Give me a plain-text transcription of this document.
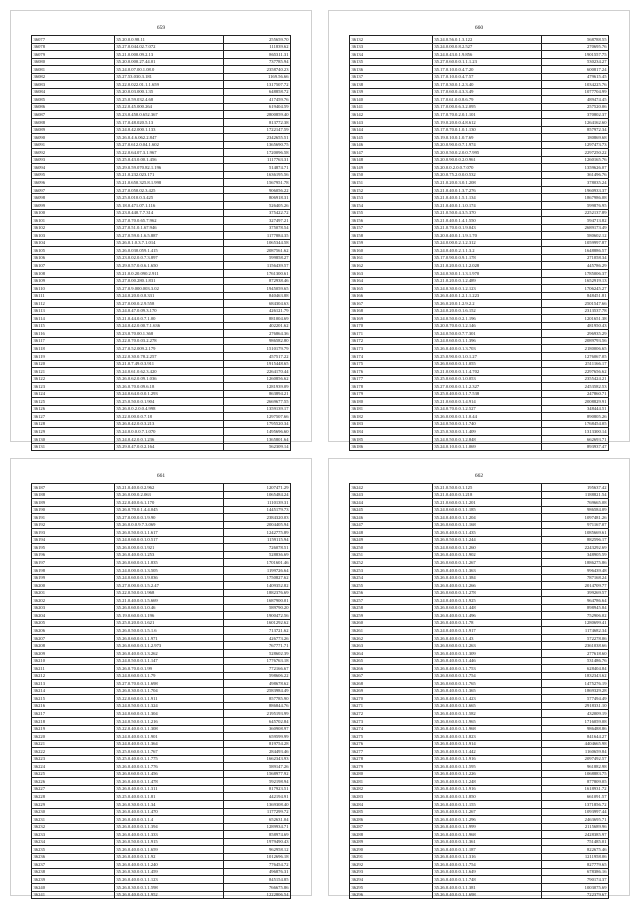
659
36077	35.20.0.0.98.11	255659.70
36078	35.27.0.044.02.7.072	111839.62
36079	35.21.0.000.09.2.13	865311.31
36080	35.20.0.000.27.44.01	737785.94
36081	35.24.0.07.00.1.08.0	2358740.23
36082	35.27.53.030.3.181	1169.56.66
36083	35.22.0.022.01.1.1.659	1317507.72
36084	35.20.0.03.000.1.35	648858.72
36085	35.25.0.59.032.4.68	417459.76
36086	35.22.0.45.000.264	619404.59
36087	35.23.0.450.0.652.367	2800859.40
36088	35.17.0.48.020.5.13	813772.38
36089	35.24.0.42.000.1.133	1722147.59
36090	35.26.0.4.6.062.2.847	2342655.51
36091	35.27.0.612.0.04.1.602	1365690.75
36092	35.22.0.64.07.3.1.967	1720096.58
36093	35.25.0.43.0.00.1.456	1117763.31
36094	35.29.0.59.070.82.1.196	514874.71
36095	35.21.0.232.023.171	1636195.56
36096	35.21.0.650.325.8.1.998	1567951.78
36097	35.27.0.050.02.3.425	906056.22
36098	35.25.0.010.0.3.425	806918.31
36099	35.18.0.471.07.1.116	526405.26
36100	35.23.0.440.7.7.314	375422.72
36101	35.27.0.70.0.65.7.962	327497.21
36102	35.27.0.51.0.1.67.946	375078.54
36103	35.27.0.59.0.1.6.5.887	1177884.35
36104	35.26.0.1.0.3.7.1.014	1065344.58
36105	35.26.0.030.059.1.415	2087561.62
36106	35.23.0.02.0.0.7.3.897	599858.27
36107	35.29.0.57.0.0.6.1.650	1156439.57
36108	35.21.0.0.20.090.2.911	1761300.61
36109	35.27.0.00.280.1.831	872938.46
36110	35.27.0.9.000.003.3.02	1945059.65
36111	35.24.0.20.0.0.8.331	840463.88
36112	35.27.0.00.0.2.9.558	684304.63
36113	35.24.0.47.0.09.3.170	426121.79
36114	35.21.0.44.0.0.7.1.00	881004.69
36115	35.24.0.42.0.00.7.1.636	402201.62
36116	35.23.0.70.00.1.368	276864.36
36117	35.22.0.70.0.03.2.278	986582.80
36118	35.27.0.52.009.2.179	1510179.79
36119	35.22.0.30.0.78.2.257	457517.22
36120	35.21.0.7.49.0.3.911	1915448.65
36121	35.24.0.61.0.62.3.420	2264170.44
36122	35.26.0.62.0.09.1.036	1260856.62
36123	35.26.0.70.0.09.6.18	1281939.09
36124	35.24.0.64.0.0.0.1.293	863894.21
36125	35.25.0.50.0.0.1.904	2669677.55
36126	35.26.0.0.2.0.0.4.998	1359139.17
36127	35.22.0.00.0.0.7.18	1297507.66
36128	35.26.0.42.0.0.3.213	1795520.34
36129	35.24.0.0.0.0.7.1.070	1495696.60
36130	35.24.0.42.0.0.1.236	1365801.64
36131	35.29.0.47.0.0.2.164	562309.14
660
36132	35.24.0.56.0.1.3.122	568788.55
36133	35.24.0.00.0.8.2.527	270695.76
36134	35.24.0.43.0.1.9.856	1901557.75
36135	35.27.0.60.0.0.1.1.1.23	530234.27
36136	35.17.0.10.0.0.4.7.20	600817.24
36137	35.17.0.10.0.0.4.7.57	479615.45
36138	35.17.0.30.0.1.2.3.40	1034225.76
36139	35.17.0.60.0.4.3.3.49	1077704.99
36140	35.17.0.61.0.0.8.6.79	489474.45
36141	35.17.0.00.0.6.3.2.095	257520.06
36142	35.17.0.70.0.2.0.1.101	370802.37
36143	35.19.0.20.0.0.4.8.612	1264162.60
36144	35.17.0.70.0.1.0.1.130	857972.34
36145	35.19.0.10.0.1.0.7.69	180869.68
36146	35.20.0.90.0.0.7.1.974	1297473.73
36147	35.20.0.50.0.2.0.0.7.995	2297250.22
36148	35.20.0.90.0.0.2.0.961	1260165.76
36149	35.20.0.0.2.0.0.7.070	1359626.07
36150	35.20.0.75.2.0.0.0.532	361496.76
36151	35.21.0.20.0.3.0.1.208	378035.24
36152	35.21.0.40.0.1.3.7.276	1960933.37
36153	35.21.0.40.0.1.5.1.134	1867986.08
36154	35.21.0.40.0.1.1.0.174	599876.95
36155	35.21.0.50.0.4.3.5.370	2252137.89
36156	35.21.0.40.0.1.4.1.550	594713.82
36157	35.21.0.70.0.0.1.9.043	2689173.49
36158	35.20.0.40.0.1.1.9.1.70	580602.12
36159	35.24.0.00.0.2.1.2.312	1059997.87
36160	35.24.0.40.0.2.1.1.3.2	1648886.57
36161	35.17.0.90.0.0.9.1.178	271058.34
36162	35.21.0.20.0.0.1.1.2.028	445786.29
36163	35.24.0.30.0.1.1.3.1.970	1785006.37
36164	35.21.0.20.0.0.1.2.489	1652919.13
36165	35.24.0.30.0.0.1.2.123	1706245.27
36166	35.26.0.40.0.1.2.1.1.223	848451.81
36167	35.26.0.20.0.1.2.9.2.2	2501547.66
36168	35.24.0.20.0.0.1.6.152	2313537.78
36169	35.24.0.50.0.0.2.1.196	1201651.38
36170	35.20.0.70.0.0.1.2.146	481950.43
36171	35.24.0.50.0.0.7.7.301	296935.29
36172	35.24.0.60.0.0.1.1.396	2089793.56
36173	35.26.0.40.0.0.1.3.703	2180006.65
36174	35.25.0.90.0.0.1.0.1.27	1276067.05
36175	35.26.0.60.0.0.1.1.055	2511166.17
36176	35.21.0.00.0.0.1.1.4.702	2297656.62
36177	35.25.0.60.0.0.1.0.053	2355424.21
36178	35.27.0.00.0.0.1.1.2.327	2453582.53
36179	35.25.0.40.0.0.1.1.7.538	247860.71
36180	35.21.0.60.0.0.1.4.914	2008829.91
36181	35.24.0.70.0.0.1.2.527	348444.51
36182	35.26.0.00.0.0.1.1.0.44	890805.26
36183	35.24.0.50.0.0.1.1.740	1768454.05
36184	35.25.0.30.0.0.1.1.409	1313300.14
36185	35.24.0.50.0.0.1.2.848	662693.71
36186	35.24.0.10.0.0.1.1.069	893937.47
661
36187	35.21.0.40.0.0.2.962	1207471.29
36188	35.26.0.00.0.2.063	1065484.24
36189	35.22.0.40.0.6.1.170	1110139.31
36190	35.26.0.70.0.1.4.4.045	1445179.73
36191	35.27.0.00.0.0.1.9.90	2384320.03
36192	35.26.0.0.0.9.7.3.069	2004405.94
36193	35.26.0.50.0.0.1.1.617	1242775.89
36194	35.24.0.60.0.0.1.0.517	1159115.94
36195	35.26.0.00.0.0.1.921	726078.51
36196	35.26.0.40.0.0.1.253	528836.69
36197	35.26.0.60.0.0.1.1.835	1701601.46
36198	35.24.0.00.0.0.1.3.505	1199726.64
36199	35.24.0.60.0.0.1.9.036	1750827.62
36200	35.27.0.00.0.0.1.5.2.47	1409352.82
36201	35.22.0.50.0.0.1.968	1882376.69
36202	35.21.0.40.0.0.1.5.669	1687900.01
36203	35.26.0.60.0.0.1.0.46	589790.20
36204	35.19.0.60.0.0.1.196	1900472.56
36205	35.25.0.20.0.0.1.621	1601292.62
36206	35.26.0.50.0.0.1.5.1.6	713721.62
36207	35.26.0.60.0.0.1.1.971	426773.26
36208	35.26.0.60.0.0.1.1.2.973	767771.71
36209	35.26.0.40.0.0.1.3.262	528602.39
36210	35.24.0.50.0.0.1.1.147	1776763.18
36211	35.26.0.70.0.0.1.99	772166.67
36212	35.24.0.60.0.0.1.1.79	598606.22
36213	35.27.0.70.0.0.1.1.698	498678.62
36214	35.26.0.30.0.0.1.1.704	2583984.49
36215	35.22.0.60.0.0.1.1.911	857785.90
36216	35.24.0.50.0.0.1.1.324	886844.76
36217	35.24.0.60.0.0.1.1.304	2195193.99
36218	35.24.0.50.0.0.1.1.216	645702.84
36219	35.22.0.40.0.0.1.1.308	360908.97
36220	35.24.0.40.0.0.1.1.901	659599.99
36221	35.24.0.40.0.0.1.1.364	819754.28
36222	35.25.0.60.0.0.1.1.767	284493.46
36223	35.25.0.40.0.0.1.1.775	1662343.93
36224	35.26.0.40.0.0.1.1.776	589147.26
36225	35.26.0.60.0.0.1.1.456	1568977.92
36226	35.26.0.40.0.0.1.1.478	592198.94
36227	35.26.0.40.0.0.1.1.311	817923.51
36228	35.25.0.40.0.0.1.1.81	442194.91
36229	35.26.0.30.0.0.1.1.34	1369308.40
36230	35.26.0.40.0.0.1.1.470	1177299.72
36231	35.26.0.40.0.0.1.1.4	652631.04
36232	35.26.0.40.0.0.1.1.394	1289934.71
36233	35.26.0.40.0.0.1.1.333	858974.69
36234	35.26.0.50.0.0.1.1.915	1979490.43
36235	35.26.0.40.0.0.1.1.659	962958.12
36236	35.26.0.40.0.0.1.1.92	1012696.18
36237	35.26.0.40.0.0.1.1.240	776454.72
36238	35.26.0.30.0.0.1.1.459	496876.31
36239	35.26.0.40.0.0.1.1.123	845154.85
36240	35.26.0.30.0.0.1.1.598	766675.86
36241	35.26.0.40.0.0.1.1.952	1222806.54
662
36242	35.21.0.50.0.0.1.125	195637.42
36243	35.21.0.40.0.0.1.218	1188821.54
36244	35.21.0.60.0.0.1.1.201	769665.08
36245	35.24.0.60.0.0.1.1.185	986584.09
36246	35.24.0.40.0.0.1.1.204	1097481.26
36247	35.26.0.60.0.0.1.1.168	971167.07
36248	35.26.0.40.0.0.1.1.435	1085669.61
36249	35.26.0.50.0.0.1.1.244	882596.17
36250	35.24.0.60.0.0.1.1.260	2243292.69
36251	35.26.0.40.0.0.1.1.902	348905.59
36252	35.26.0.60.0.0.1.1.267	1886275.86
36253	35.26.0.40.0.0.1.1.363	996439.48
36254	35.26.0.40.0.0.1.1.384	787168.24
36255	35.26.0.40.0.0.1.1.266	2014709.77
36256	35.26.0.60.0.0.1.1.278	399269.57
36257	35.24.0.40.0.0.1.1.925	964786.64
36258	35.26.0.60.0.0.1.1.448	898945.84
36259	35.26.0.40.0.0.1.1.496	752906.02
36260	35.26.0.40.0.0.1.1.78	1280699.41
36261	35.24.0.40.0.0.1.1.917	1174682.34
36262	35.26.0.40.0.0.1.1.43	572278.06
36263	35.26.0.60.0.0.1.1.263	2361038.66
36264	35.26.0.40.0.0.1.1.309	277618.60
36265	35.26.0.40.0.0.1.1.446	531486.76
36266	35.26.0.40.0.0.1.1.753	628404.84
36267	35.26.0.60.0.0.1.1.754	1832343.62
36268	35.26.0.60.0.0.1.1.765	1475276.19
36269	35.26.0.40.0.0.1.1.365	1869329.28
36270	35.26.0.40.0.0.1.1.423	577494.49
36271	35.26.0.40.0.0.1.1.665	2918331.10
36272	35.26.0.40.0.0.1.1.582	432009.19
36273	35.26.0.60.0.0.1.1.965	1716059.08
36274	35.26.0.40.0.0.1.1.968	986488.86
36275	35.26.0.40.0.0.1.1.823	841644.27
36276	35.26.0.40.0.0.1.1.914	4404665.98
36277	35.26.0.40.0.0.1.1.442	1160659.84
36278	35.26.0.40.0.0.1.1.916	2097492.57
36279	35.26.0.40.0.0.1.1.595	961882.98
36280	35.26.0.40.0.0.1.1.226	1068883.75
36281	35.26.0.40.0.0.1.1.248	877809.05
36282	35.26.0.40.0.0.1.1.916	1618931.72
36283	35.26.0.40.0.0.1.1.850	661091.57
36284	35.26.0.40.0.0.1.1.155	1371856.72
36285	35.26.0.40.0.0.1.1.267	1093997.44
36286	35.26.0.40.0.0.1.1.296	2463695.71
36287	35.26.0.40.0.0.1.1.999	2115689.96
36288	35.26.0.40.0.0.1.1.968	2428385.97
36289	35.26.0.40.0.0.1.1.361	751485.01
36290	35.26.0.40.0.0.1.1.187	822675.46
36291	35.26.0.40.0.0.1.1.316	1211958.06
36292	35.26.0.40.0.0.1.1.754	827779.65
36293	35.26.0.40.0.0.1.1.649	678386.16
36294	35.26.0.40.0.0.1.1.748	790174.37
36295	35.26.0.40.0.0.1.1.381	1003075.69
36296	35.26.0.40.0.0.1.1.698	722379.67
